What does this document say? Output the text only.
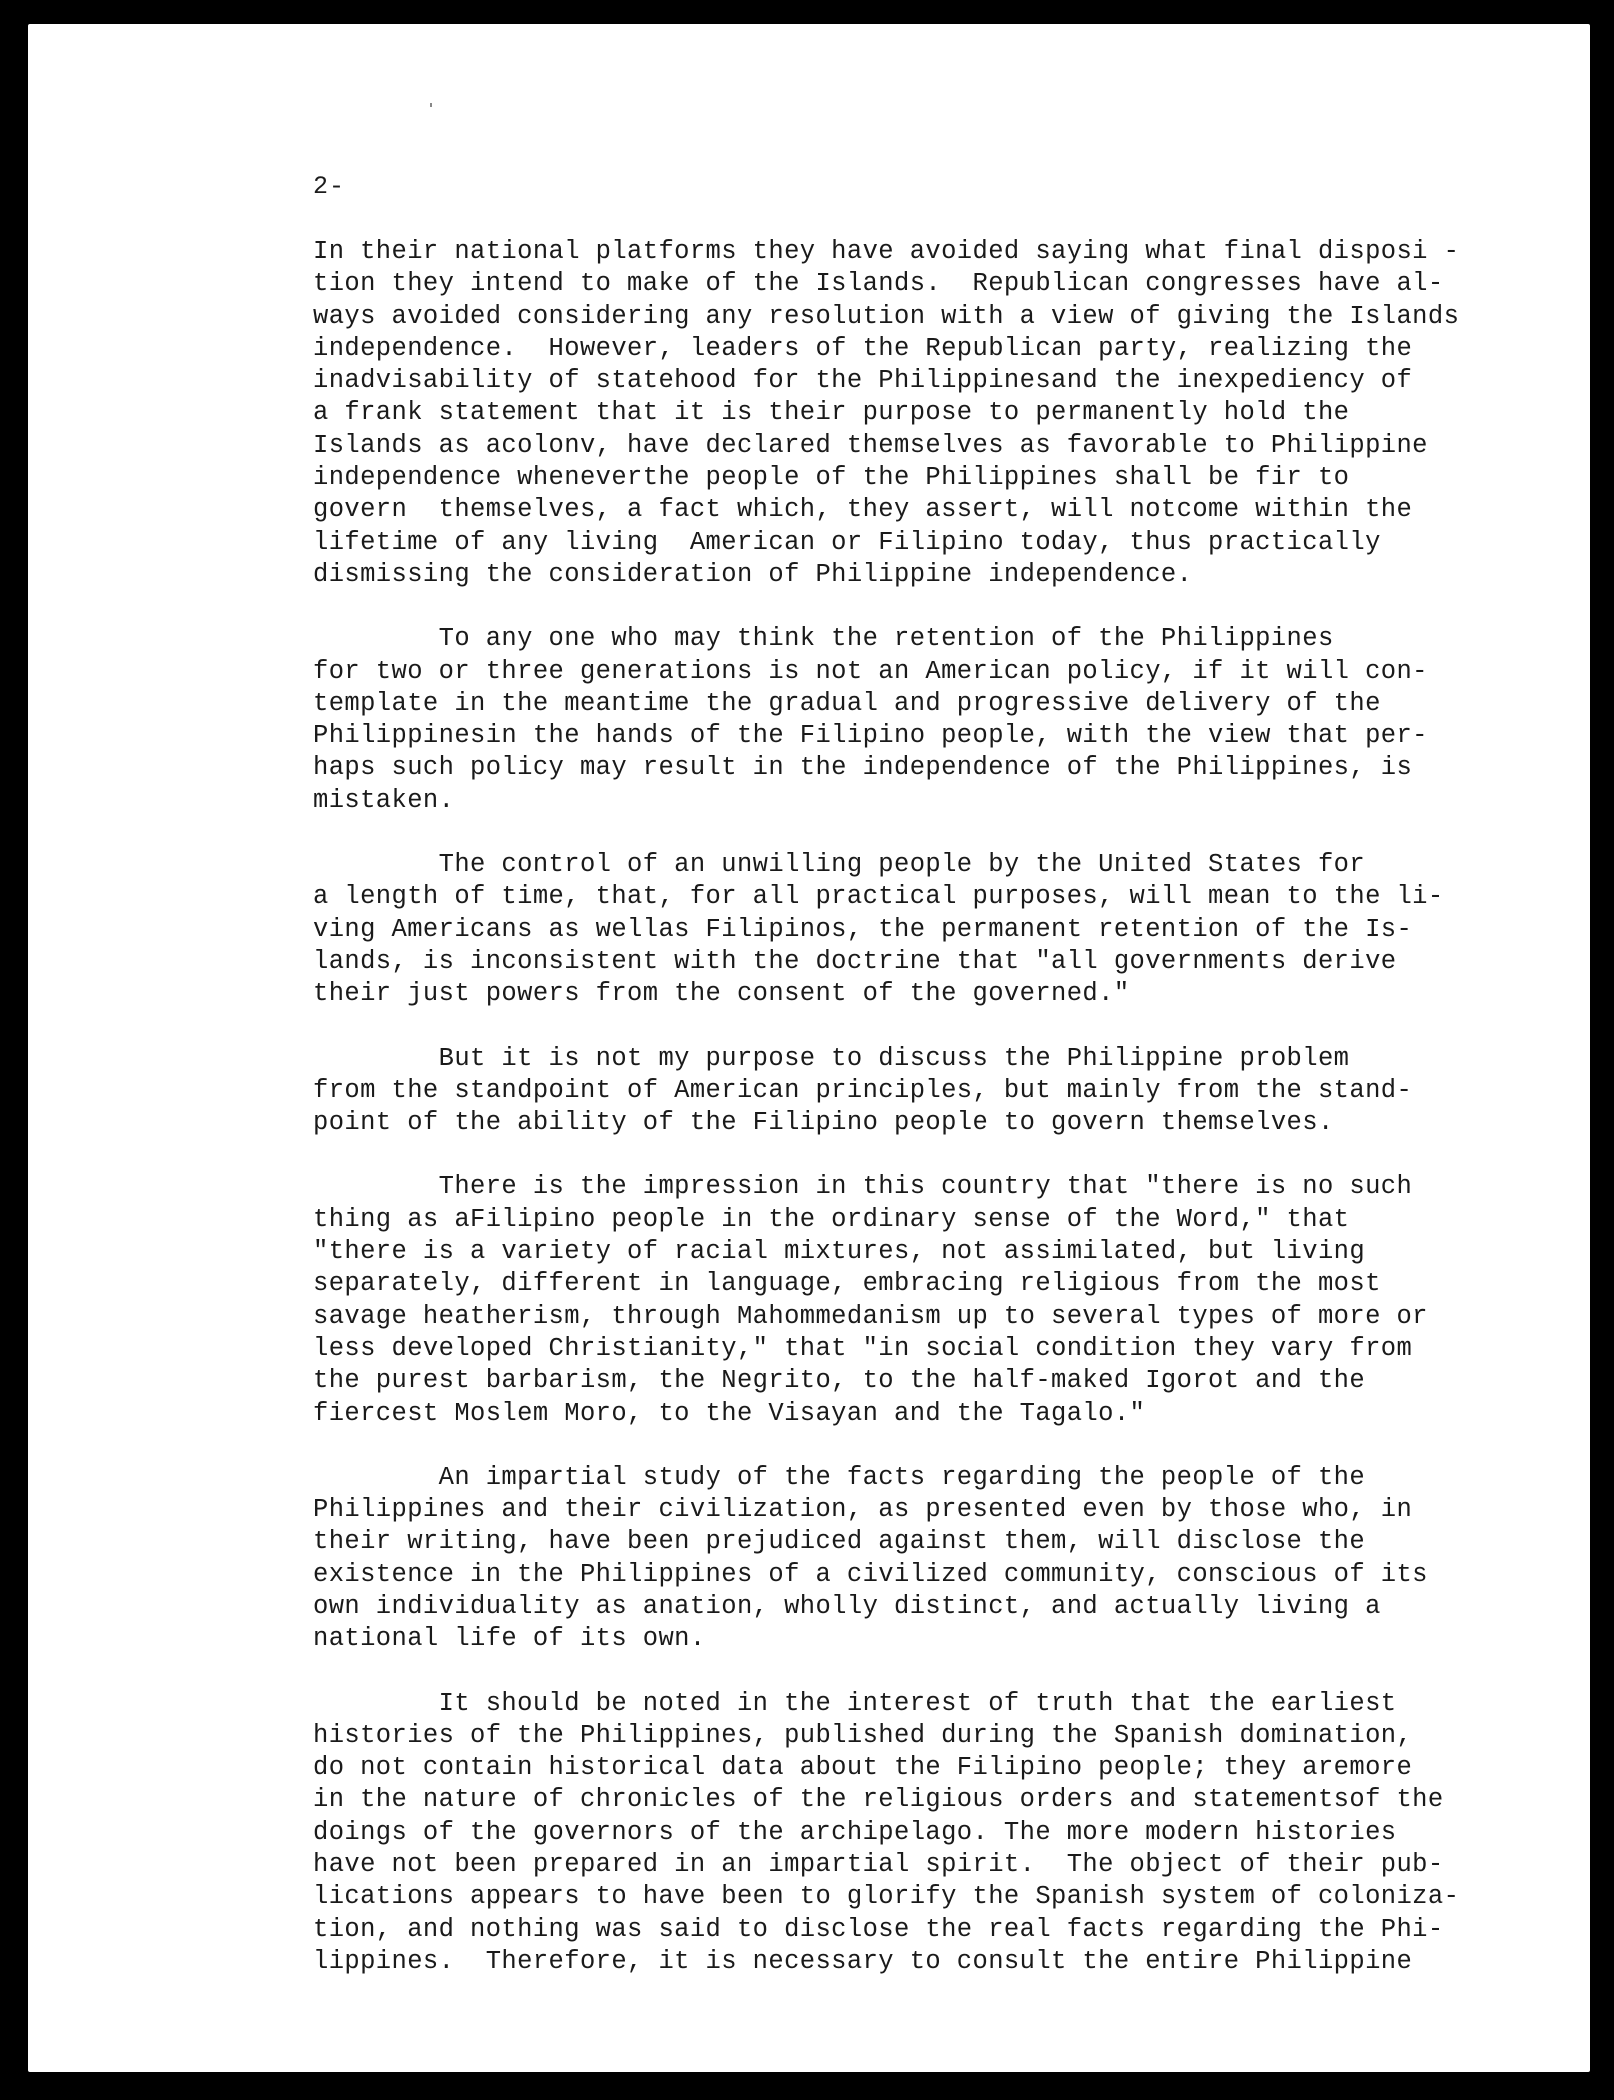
2-
In their national platforms they have avoided saying what final disposi -
tion they intend to make of the Islands.  Republican congresses have al-
ways avoided considering any resolution with a view of giving the Islands
independence.  However, leaders of the Republican party, realizing the
inadvisability of statehood for the Philippinesand the inexpediency of
a frank statement that it is their purpose to permanently hold the
Islands as acolonv, have declared themselves as favorable to Philippine
independence wheneverthe people of the Philippines shall be fir to
govern  themselves, a fact which, they assert, will notcome within the
lifetime of any living  American or Filipino today, thus practically
dismissing the consideration of Philippine independence.
To any one who may think the retention of the Philippines
for two or three generations is not an American policy, if it will con-
template in the meantime the gradual and progressive delivery of the
Philippinesin the hands of the Filipino people, with the view that per-
haps such policy may result in the independence of the Philippines, is
mistaken.
The control of an unwilling people by the United States for
a length of time, that, for all practical purposes, will mean to the li-
ving Americans as wellas Filipinos, the permanent retention of the Is-
lands, is inconsistent with the doctrine that "all governments derive
their just powers from the consent of the governed."
But it is not my purpose to discuss the Philippine problem
from the standpoint of American principles, but mainly from the stand-
point of the ability of the Filipino people to govern themselves.
There is the impression in this country that "there is no such
thing as aFilipino people in the ordinary sense of the Word," that
"there is a variety of racial mixtures, not assimilated, but living
separately, different in language, embracing religious from the most
savage heatherism, through Mahommedanism up to several types of more or
less developed Christianity," that "in social condition they vary from
the purest barbarism, the Negrito, to the half-maked Igorot and the
fiercest Moslem Moro, to the Visayan and the Tagalo."
An impartial study of the facts regarding the people of the
Philippines and their civilization, as presented even by those who, in
their writing, have been prejudiced against them, will disclose the
existence in the Philippines of a civilized community, conscious of its
own individuality as anation, wholly distinct, and actually living a
national life of its own.
It should be noted in the interest of truth that the earliest
histories of the Philippines, published during the Spanish domination,
do not contain historical data about the Filipino people; they aremore
in the nature of chronicles of the religious orders and statementsof the
doings of the governors of the archipelago. The more modern histories
have not been prepared in an impartial spirit.  The object of their pub-
lications appears to have been to glorify the Spanish system of coloniza-
tion, and nothing was said to disclose the real facts regarding the Phi-
lippines.  Therefore, it is necessary to consult the entire Philippine
